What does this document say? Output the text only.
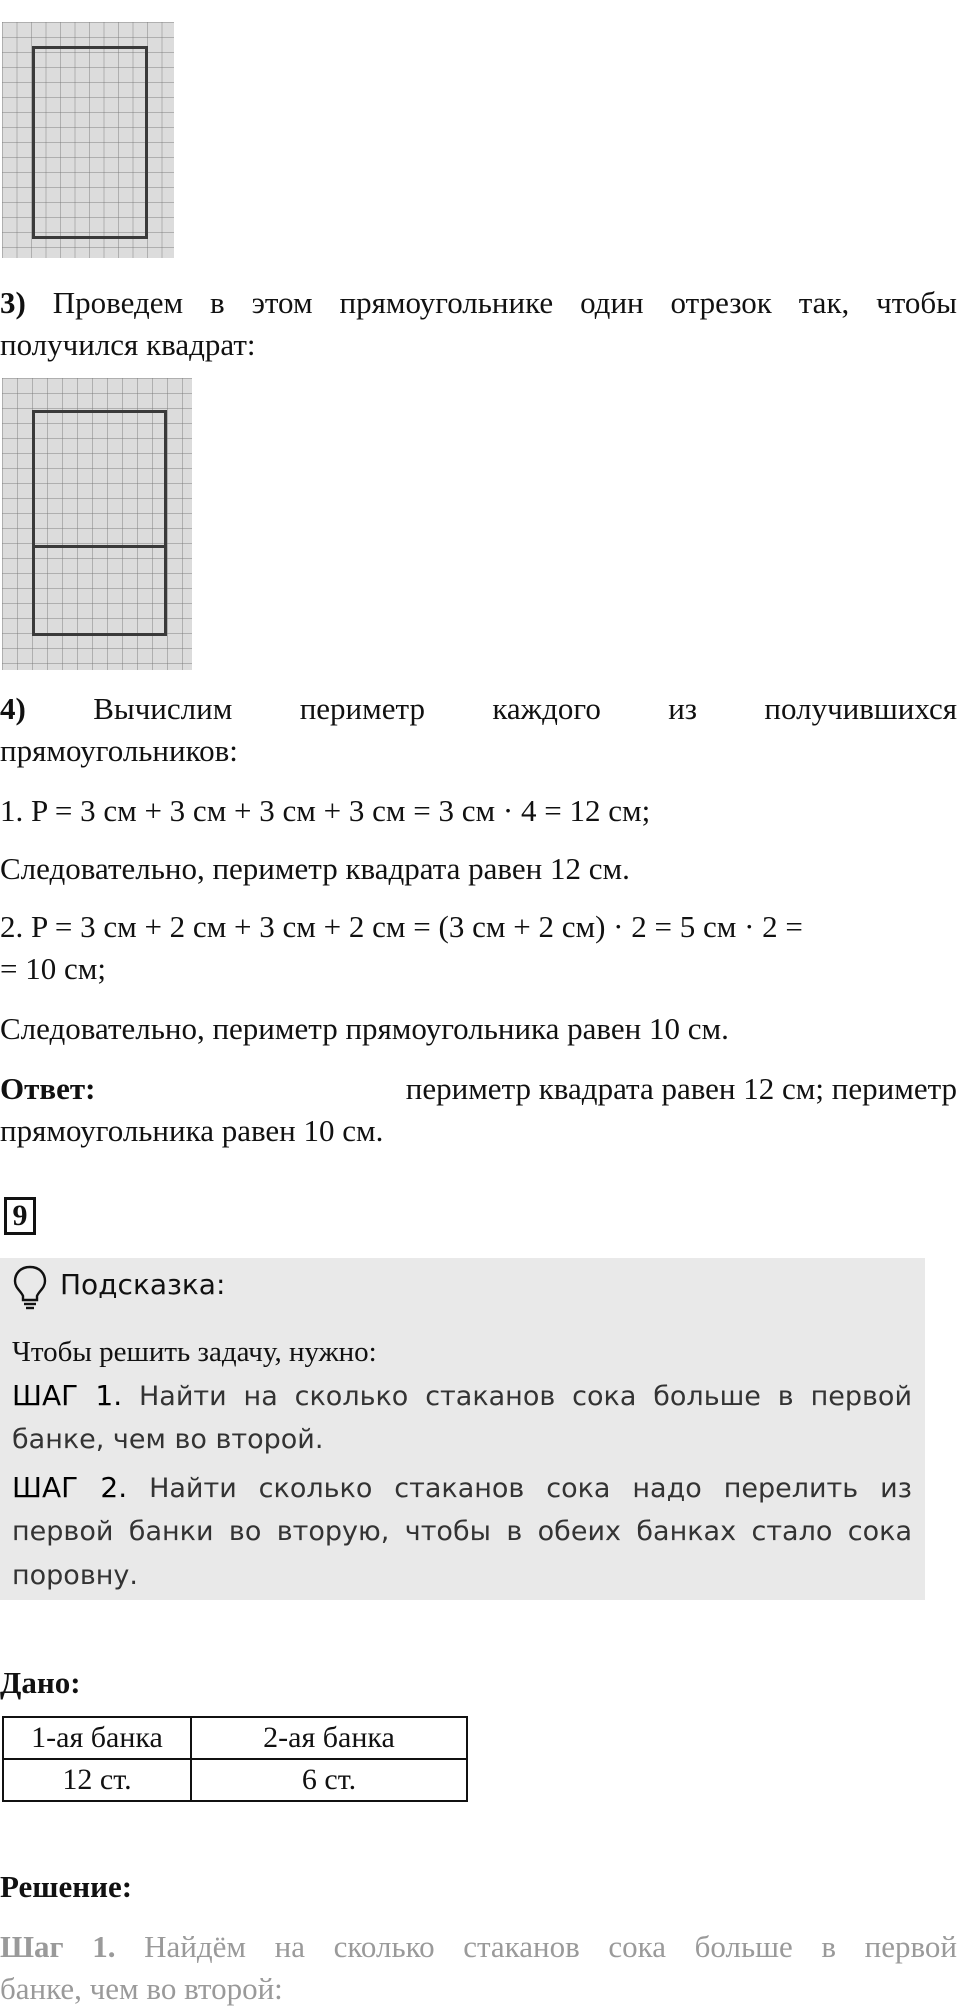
3) Проведем в этом прямоугольнике один отрезок так, чтобы
получился квадрат:
4) Вычислим периметр каждого из получившихся
прямоугольников:
1. P = 3 см + 3 см + 3 см + 3 см = 3 см · 4 = 12 см;
Следовательно, периметр квадрата равен 12 см.
2. P = 3 см + 2 см + 3 см + 2 см = (3 см + 2 см) · 2 = 5 см · 2 =
= 10 см;
Следовательно, периметр прямоугольника равен 10 см.
Ответ:	периметр квадрата равен 12 см; периметр
прямоугольника равен 10 см.
9
Подсказка:
Чтобы решить задачу, нужно:
ШАГ 1. Найти на сколько стаканов сока больше в первой
банке, чем во второй.
ШАГ 2. Найти сколько стаканов сока надо перелить из
первой банки во вторую, чтобы в обеих банках стало сока
поровну.
Дано:
1-ая банка	2-ая банка
12 ст.	6 ст.
Решение:
Шаг 1. Найдём на сколько стаканов сока больше в первой
банке, чем во второй:
